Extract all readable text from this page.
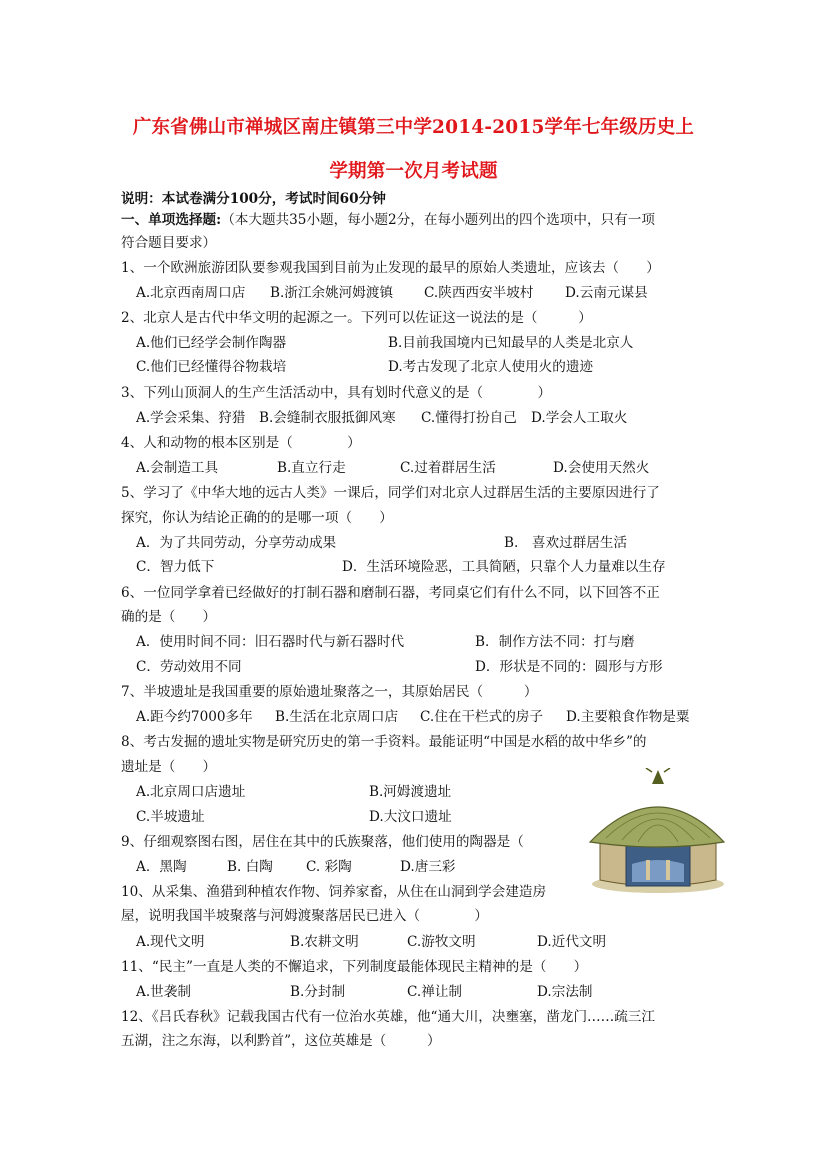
广东省佛山市禅城区南庄镇第三中学2014-2015学年七年级历史上
学期第一次月考试题
说明：本试卷满分100分，考试时间60分钟
一、单项选择题:（本大题共35小题，每小题2分，在每小题列出的四个选项中，只有一项
符合题目要求）
1、一个欧洲旅游团队要参观我国到目前为止发现的最早的原始人类遗址，应该去（　　）
A.北京西南周口店 B.浙江余姚河姆渡镇 C.陕西西安半坡村 D.云南元谋县
2、北京人是古代中华文明的起源之一。下列可以佐证这一说法的是（　　　）
A.他们已经学会制作陶器	B.目前我国境内已知最早的人类是北京人
C.他们已经懂得谷物栽培	D.考古发现了北京人使用火的遗迹
3、下列山顶洞人的生产生活活动中，具有划时代意义的是（　　　　）
A.学会采集、狩猎 B.会缝制衣服抵御风寒 C.懂得打扮自己 D.学会人工取火
4、人和动物的根本区别是（　　　　）
A.会制造工具	B.直立行走	C.过着群居生活	D.会使用天然火
5、学习了《中华大地的远古人类》一课后，同学们对北京人过群居生活的主要原因进行了
探究，你认为结论正确的的是哪一项（　　）
A．为了共同劳动，分享劳动成果	B.　喜欢过群居生活
C．智力低下	D．生活环境险恶，工具简陋，只靠个人力量难以生存
6、一位同学拿着已经做好的打制石器和磨制石器，考同桌它们有什么不同，以下回答不正
确的是（　　）
A．使用时间不同：旧石器时代与新石器时代	B．制作方法不同：打与磨
C．劳动效用不同	D．形状是不同的：圆形与方形
7、半坡遗址是我国重要的原始遗址聚落之一，其原始居民（　　　）
A.距今约7000多年 B.生活在北京周口店 C.住在干栏式的房子 D.主要粮食作物是粟
8、考古发掘的遗址实物是研究历史的第一手资料。最能证明“中国是水稻的故中华乡”的
遗址是（　　）
A.北京周口店遗址	B.河姆渡遗址
C.半坡遗址	D.大汶口遗址
9、仔细观察图右图，居住在其中的氏族聚落，他们使用的陶器是（
A．黑陶	B. 白陶 C. 彩陶	D.唐三彩
10、从采集、渔猎到种植农作物、饲养家畜，从住在山洞到学会建造房
屋，说明我国半坡聚落与河姆渡聚落居民已进入（　　　　）
A.现代文明	B.农耕文明	C.游牧文明	D.近代文明
11、“民主”一直是人类的不懈追求，下列制度最能体现民主精神的是（　　）
A.世袭制	B.分封制	C.禅让制	D.宗法制
12、《吕氏春秋》记载我国古代有一位治水英雄，他“通大川，决壅塞，凿龙门……疏三江
五湖，注之东海，以利黔首”，这位英雄是（　　　）
